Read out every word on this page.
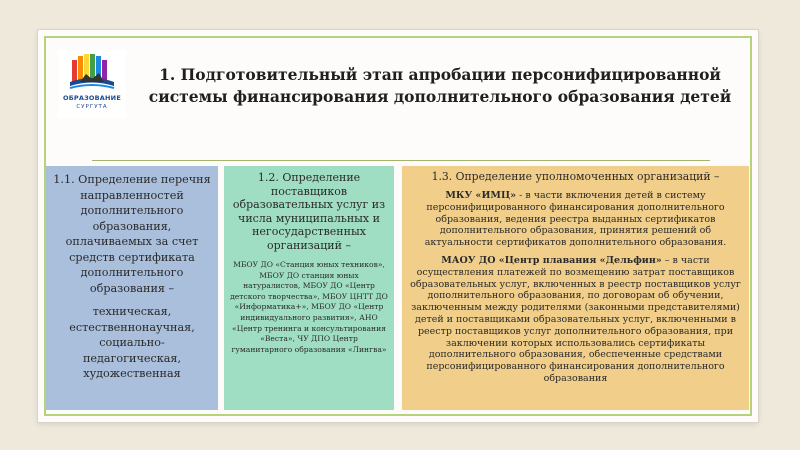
ОБРАЗОВАНИЕ
СУРГУТА
1. Подготовительный этап апробации персонифицированной
системы финансирования дополнительного образования детей
1.1. Определение перечня направленностей дополнительного образования, оплачиваемых за счет средств сертификата дополнительного образования –
техническая, естественнонаучная, социально-педагогическая, художественная
1.2. Определение поставщиков образовательных услуг из числа муниципальных и негосударственных организаций –
МБОУ ДО «Станция юных техников», МБОУ ДО станция юных натуралистов, МБОУ ДО «Центр детского творчества», МБОУ ЦНТТ ДО «Информатика+», МБОУ ДО «Центр индивидуального развития», АНО «Центр тренинга и консультирования «Веста», ЧУ ДПО Центр гуманитарного образования «Лингва»
1.3. Определение уполномоченных организаций –
МКУ «ИМЦ» - в части включения детей в систему персонифицированного финансирования дополнительного образования, ведения реестра выданных сертификатов дополнительного образования, принятия решений об актуальности сертификатов дополнительного образования.
МАОУ ДО «Центр плавания «Дельфин» – в части осуществления платежей по возмещению затрат поставщиков образовательных услуг, включенных в реестр поставщиков услуг дополнительного образования, по договорам об обучении, заключенным между родителями (законными представителями) детей и поставщиками образовательных услуг, включенными в реестр поставщиков услуг дополнительного образования, при заключении которых использовались сертификаты дополнительного образования, обеспеченные средствами персонифицированного финансирования дополнительного образования
